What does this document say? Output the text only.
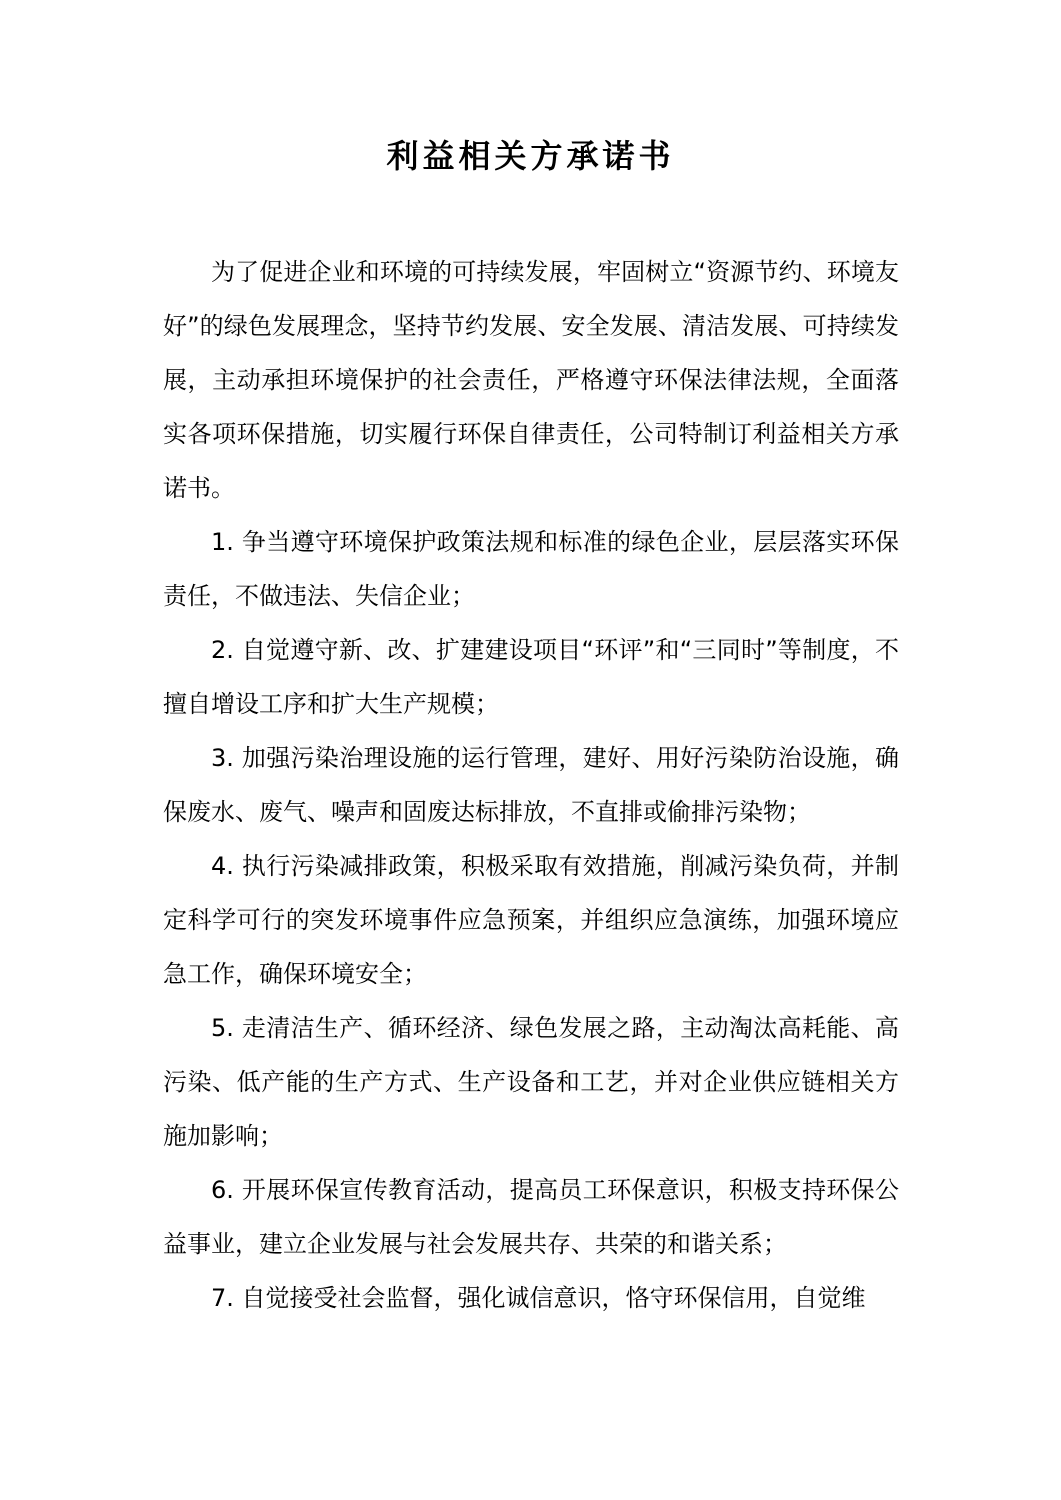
利益相关方承诺书

为了促进企业和环境的可持续发展，牢固树立“资源节约、环境友好”的绿色发展理念，坚持节约发展、安全发展、清洁发展、可持续发展，主动承担环境保护的社会责任，严格遵守环保法律法规，全面落实各项环保措施，切实履行环保自律责任，公司特制订利益相关方承诺书。

1. 争当遵守环境保护政策法规和标准的绿色企业，层层落实环保责任，不做违法、失信企业；

2. 自觉遵守新、改、扩建建设项目“环评”和“三同时”等制度，不擅自增设工序和扩大生产规模；

3. 加强污染治理设施的运行管理，建好、用好污染防治设施，确保废水、废气、噪声和固废达标排放，不直排或偷排污染物；

4. 执行污染减排政策，积极采取有效措施，削减污染负荷，并制定科学可行的突发环境事件应急预案，并组织应急演练，加强环境应急工作，确保环境安全；

5. 走清洁生产、循环经济、绿色发展之路，主动淘汰高耗能、高污染、低产能的生产方式、生产设备和工艺，并对企业供应链相关方施加影响；

6. 开展环保宣传教育活动，提高员工环保意识，积极支持环保公益事业，建立企业发展与社会发展共存、共荣的和谐关系；

7. 自觉接受社会监督，强化诚信意识，恪守环保信用，自觉维
